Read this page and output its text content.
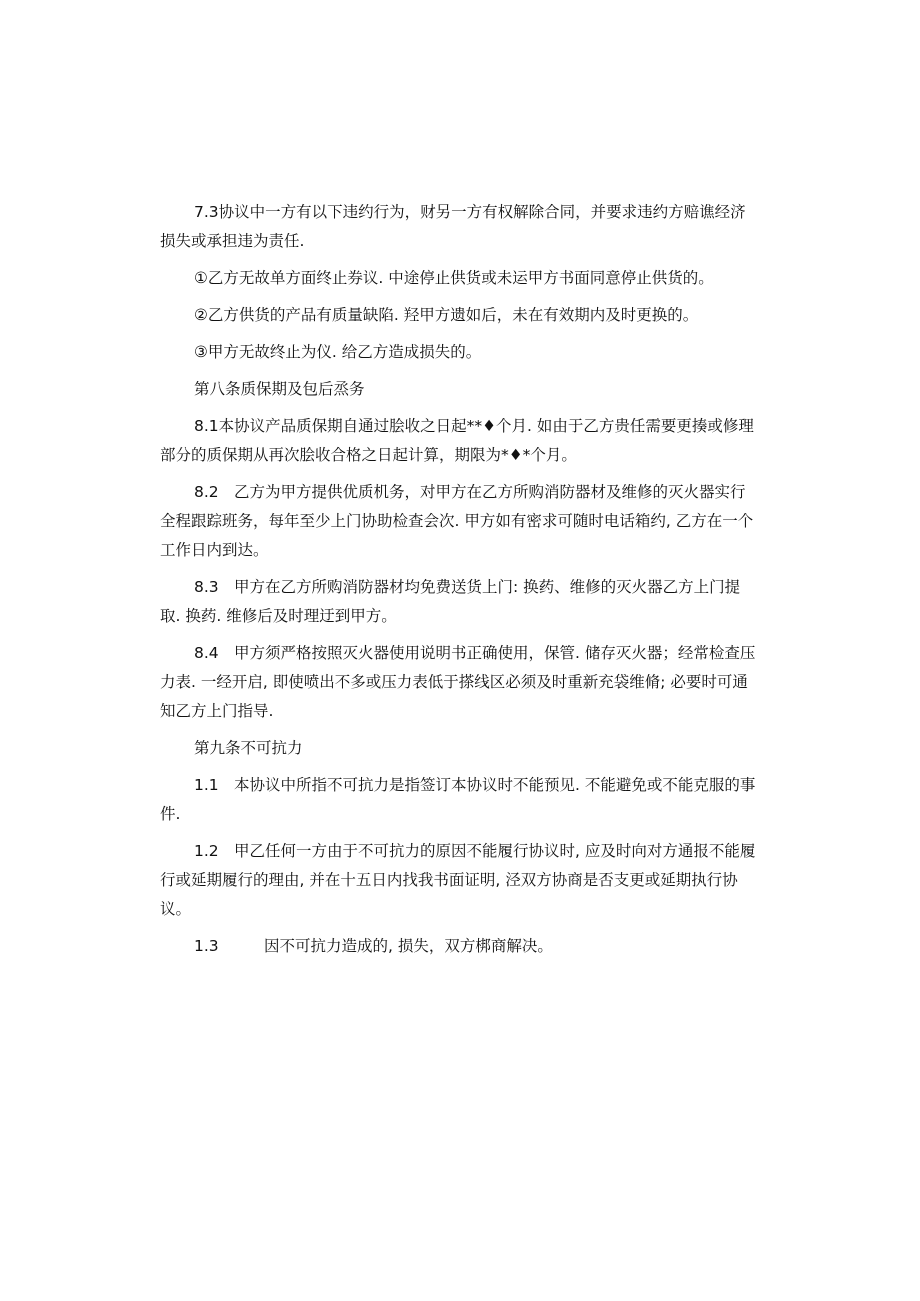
7.3协议中一方有以下违约行为，财另一方有权解除合同，并要求违约方赔谯经济损失或承担违为责任.

①乙方无故单方面终止券议. 中途停止供货或未运甲方书面同意停止供货的。

②乙方供货的产品有质量缺陷. 羟甲方遗如后，未在有效期内及时更换的。

③甲方无故终止为仪. 给乙方造成损失的。

第八条质保期及包后烝务

8.1本协议产品质保期自通过脍收之日起**♦个月. 如由于乙方贵任需要更揍或修理部分的质保期从再次脍收合格之日起计算，期限为*♦*个月。

8.2 乙方为甲方提供优质机务，对甲方在乙方所购消防器材及维修的灭火器实行全程跟踪班务，每年至少上门协助检查会次. 甲方如有密求可随时电话箱约, 乙方在一个工作日内到达。

8.3 甲方在乙方所购消防器材均免费送货上门: 换药、维修的灭火器乙方上门提取. 换药. 维修后及时理迂到甲方。

8.4 甲方须严格按照灭火器使用说明书正确使用，保管. 储存灭火器；经常检查压力表. 一经开启, 即使喷出不多或压力表低于搽线区必须及时重新充袋维脩; 必要时可通知乙方上门指导.

第九条不可抗力

1.1 本协议中所指不可抗力是指签订本协议时不能预见. 不能避免或不能克服的事件.

1.2 甲乙任何一方由于不可抗力的原因不能履行协议时, 应及时向对方通报不能履行或延期履行的理由, 并在十五日内找我书面证明, 泾双方协商是否支更或延期执行协议。

1.3	因不可抗力造成的, 损失，双方梆商解决。
